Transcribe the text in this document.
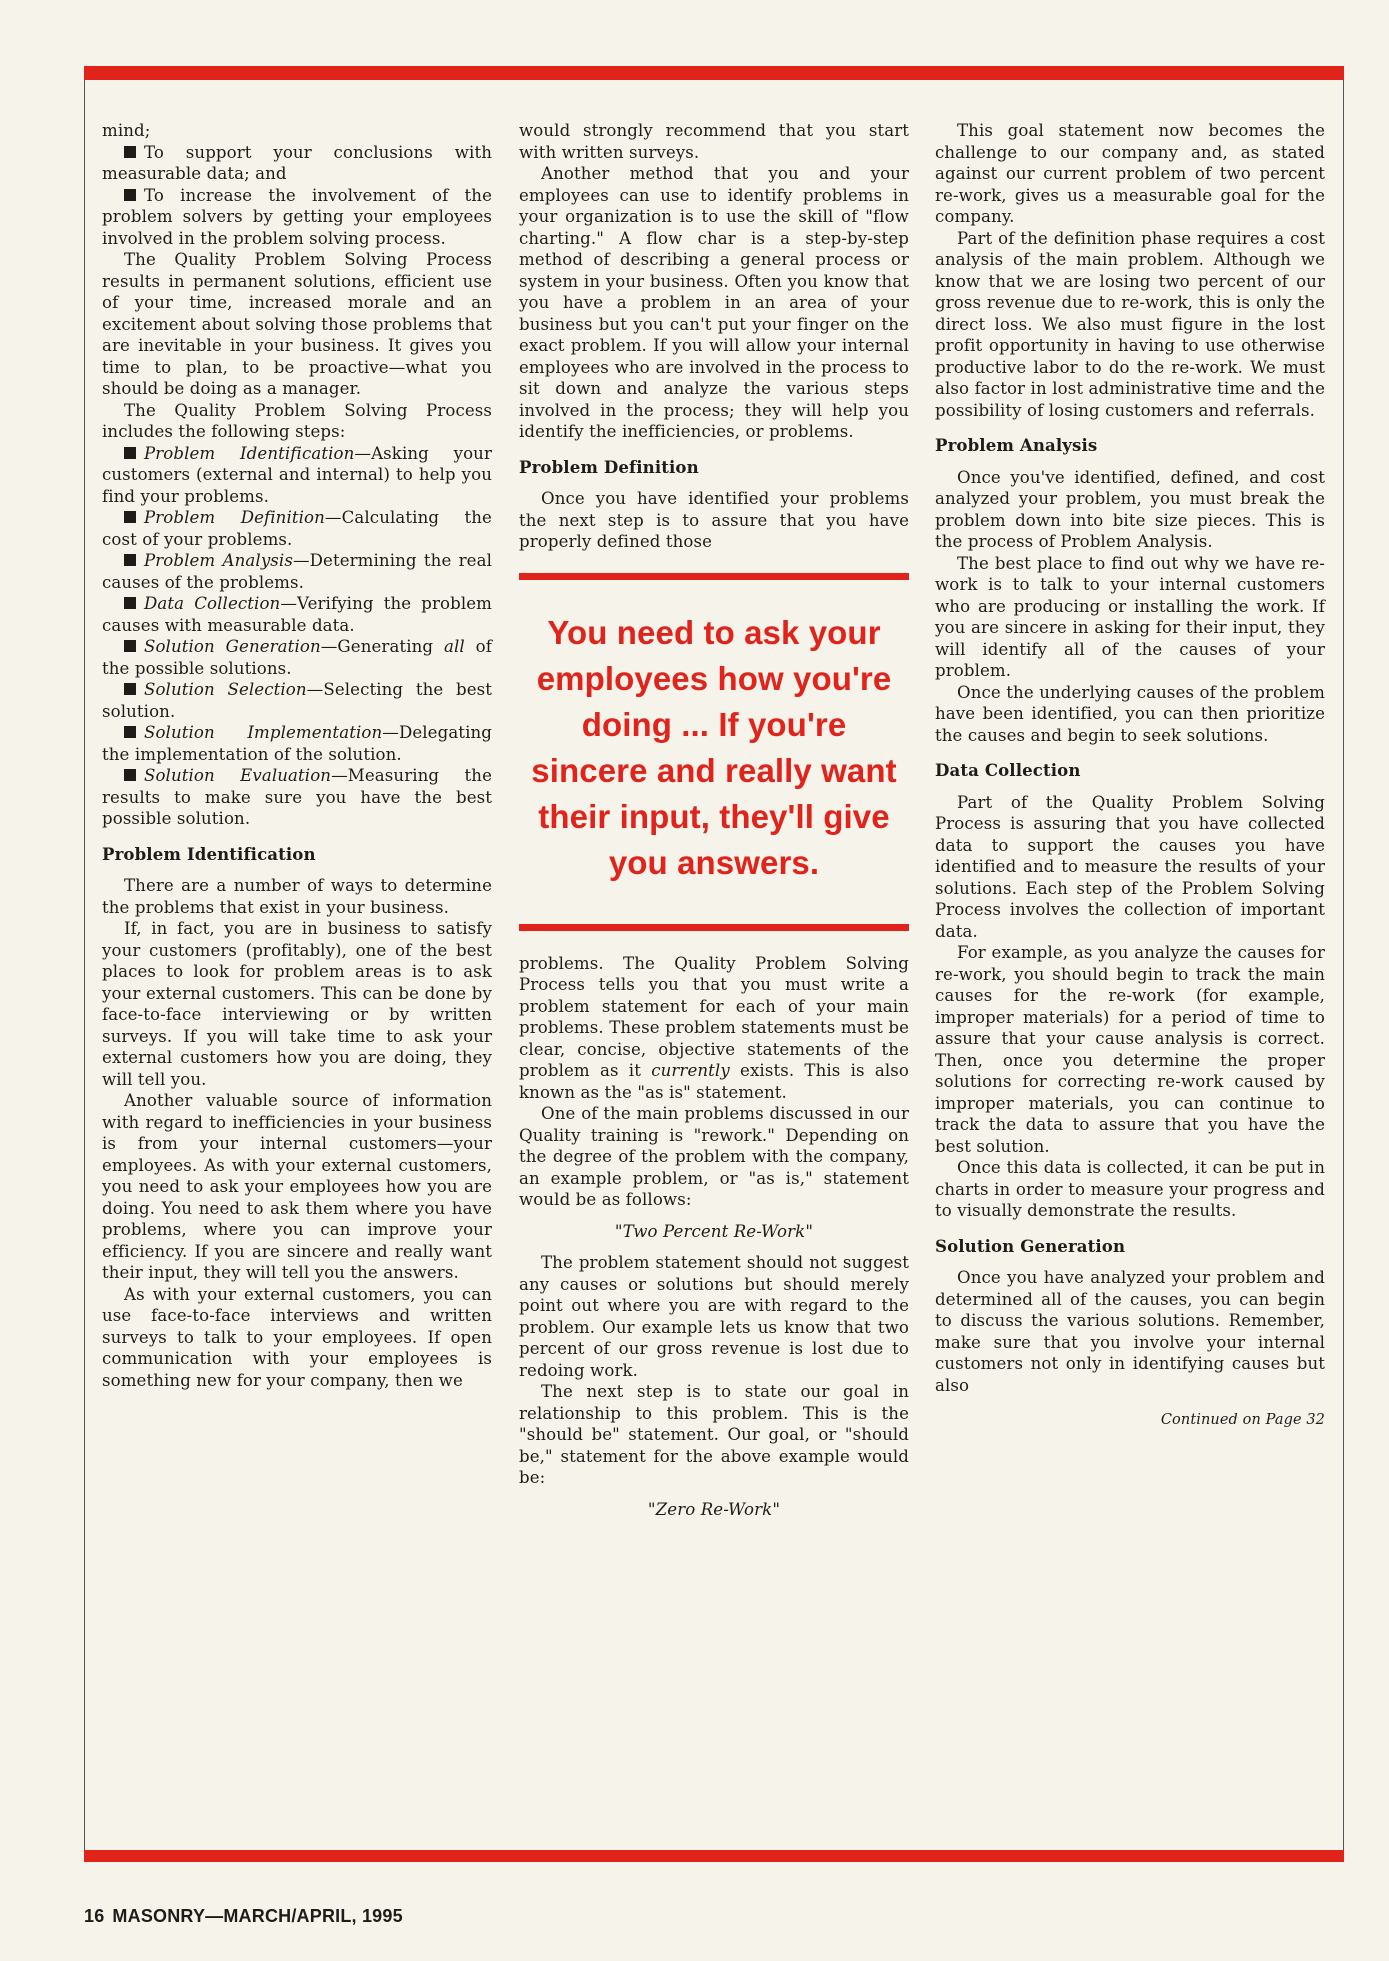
mind;

To support your conclusions with measurable data; and

To increase the involvement of the problem solvers by getting your employees involved in the problem solving process.

The Quality Problem Solving Process results in permanent solutions, efficient use of your time, increased morale and an excitement about solving those problems that are inevitable in your business. It gives you time to plan, to be proactive—what you should be doing as a manager.

The Quality Problem Solving Process includes the following steps:

Problem Identification—Asking your customers (external and internal) to help you find your problems.

Problem Definition—Calculating the cost of your problems.

Problem Analysis—Determining the real causes of the problems.

Data Collection—Verifying the problem causes with measurable data.

Solution Generation—Generating all of the possible solutions.

Solution Selection—Selecting the best solution.

Solution Implementation—Delegating the implementation of the solution.

Solution Evaluation—Measuring the results to make sure you have the best possible solution.

Problem Identification

There are a number of ways to determine the problems that exist in your business.

If, in fact, you are in business to satisfy your customers (profitably), one of the best places to look for problem areas is to ask your external customers. This can be done by face-to-face interviewing or by written surveys. If you will take time to ask your external customers how you are doing, they will tell you.

Another valuable source of information with regard to inefficiencies in your business is from your internal customers—your employees. As with your external customers, you need to ask your employees how you are doing. You need to ask them where you have problems, where you can improve your efficiency. If you are sincere and really want their input, they will tell you the answers.

As with your external customers, you can use face-to-face interviews and written surveys to talk to your employees. If open communication with your employees is something new for your company, then we

would strongly recommend that you start with written surveys.

Another method that you and your employees can use to identify problems in your organization is to use the skill of "flow charting." A flow char is a step-by-step method of describing a general process or system in your business. Often you know that you have a problem in an area of your business but you can't put your finger on the exact problem. If you will allow your internal employees who are involved in the process to sit down and analyze the various steps involved in the process; they will help you identify the inefficiencies, or problems.

Problem Definition

Once you have identified your problems the next step is to assure that you have properly defined those

You need to ask your employees how you're doing ... If you're sincere and really want their input, they'll give you answers.

problems. The Quality Problem Solving Process tells you that you must write a problem statement for each of your main problems. These problem statements must be clear, concise, objective statements of the problem as it currently exists. This is also known as the "as is" statement.

One of the main problems discussed in our Quality training is "rework." Depending on the degree of the problem with the company, an example problem, or "as is," statement would be as follows:

"Two Percent Re-Work"

The problem statement should not suggest any causes or solutions but should merely point out where you are with regard to the problem. Our example lets us know that two percent of our gross revenue is lost due to redoing work.

The next step is to state our goal in relationship to this problem. This is the "should be" statement. Our goal, or "should be," statement for the above example would be:

"Zero Re-Work"

This goal statement now becomes the challenge to our company and, as stated against our current problem of two percent re-work, gives us a measurable goal for the company.

Part of the definition phase requires a cost analysis of the main problem. Although we know that we are losing two percent of our gross revenue due to re-work, this is only the direct loss. We also must figure in the lost profit opportunity in having to use otherwise productive labor to do the re-work. We must also factor in lost administrative time and the possibility of losing customers and referrals.

Problem Analysis

Once you've identified, defined, and cost analyzed your problem, you must break the problem down into bite size pieces. This is the process of Problem Analysis.

The best place to find out why we have re-work is to talk to your internal customers who are producing or installing the work. If you are sincere in asking for their input, they will identify all of the causes of your problem.

Once the underlying causes of the problem have been identified, you can then prioritize the causes and begin to seek solutions.

Data Collection

Part of the Quality Problem Solving Process is assuring that you have collected data to support the causes you have identified and to measure the results of your solutions. Each step of the Problem Solving Process involves the collection of important data.

For example, as you analyze the causes for re-work, you should begin to track the main causes for the re-work (for example, improper materials) for a period of time to assure that your cause analysis is correct. Then, once you determine the proper solutions for correcting re-work caused by improper materials, you can continue to track the data to assure that you have the best solution.

Once this data is collected, it can be put in charts in order to measure your progress and to visually demonstrate the results.

Solution Generation

Once you have analyzed your problem and determined all of the causes, you can begin to discuss the various solutions. Remember, make sure that you involve your internal customers not only in identifying causes but also

Continued on Page 32
16 MASONRY—MARCH/APRIL, 1995
